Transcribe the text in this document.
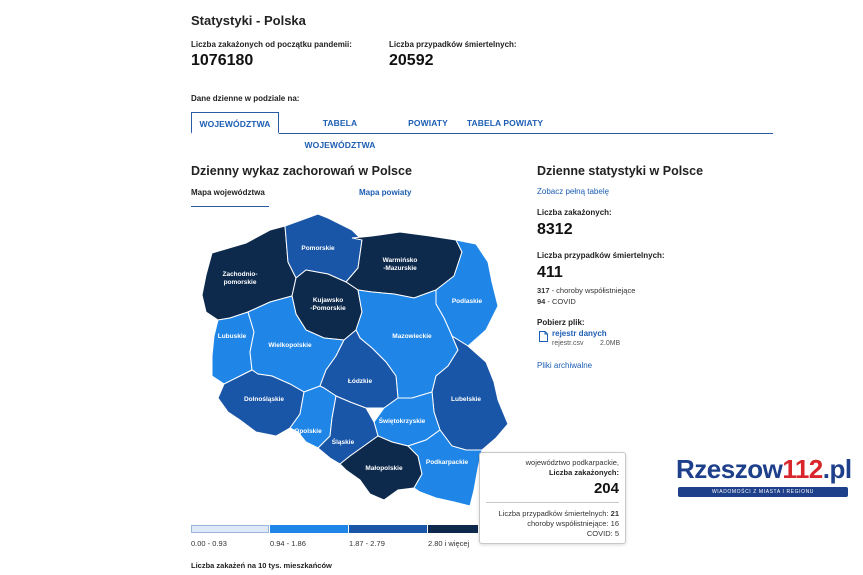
Statystyki - Polska
Liczba zakażonych od początku pandemii:
1076180
Liczba przypadków śmiertelnych:
20592
Dane dzienne w podziale na:
WOJEWÓDZTWA	TABELA WOJEWÓDZTWA
POWIATY	TABELA POWIATY
Dzienny wykaz zachorowań w Polsce
Mapa województwa	Mapa powiaty
Zachodnio-
pomorskie
Pomorskie
Warmińsko
-Mazurskie
Kujawsko
-Pomorskie
Podlaskie
Lubuskie
Wielkopolskie
Mazowieckie
Łódzkie
Lubelskie
Dolnośląskie
Opolskie
Świętokrzyskie
Śląskie
Małopolskie
Podkarpackie
0.00 - 0.93	0.94 - 1.86	1.87 - 2.79	2.80 i więcej
Liczba zakażeń na 10 tys. mieszkańców
województwo podkarpackie,
Liczba zakażonych:
204
Liczba przypadków śmiertelnych: 21
choroby współistniejące: 16
COVID: 5
Dzienne statystyki w Polsce
Zobacz pełną tabelę
Liczba zakażonych:
8312
Liczba przypadków śmiertelnych:
411
317 - choroby współistniejące
94 - COVID
Pobierz plik:
rejestr danych
rejestr.csv 2.0MB
Pliki archiwalne
Rzeszow112.pl
WIADOMOŚCI Z MIASTA I REGIONU
